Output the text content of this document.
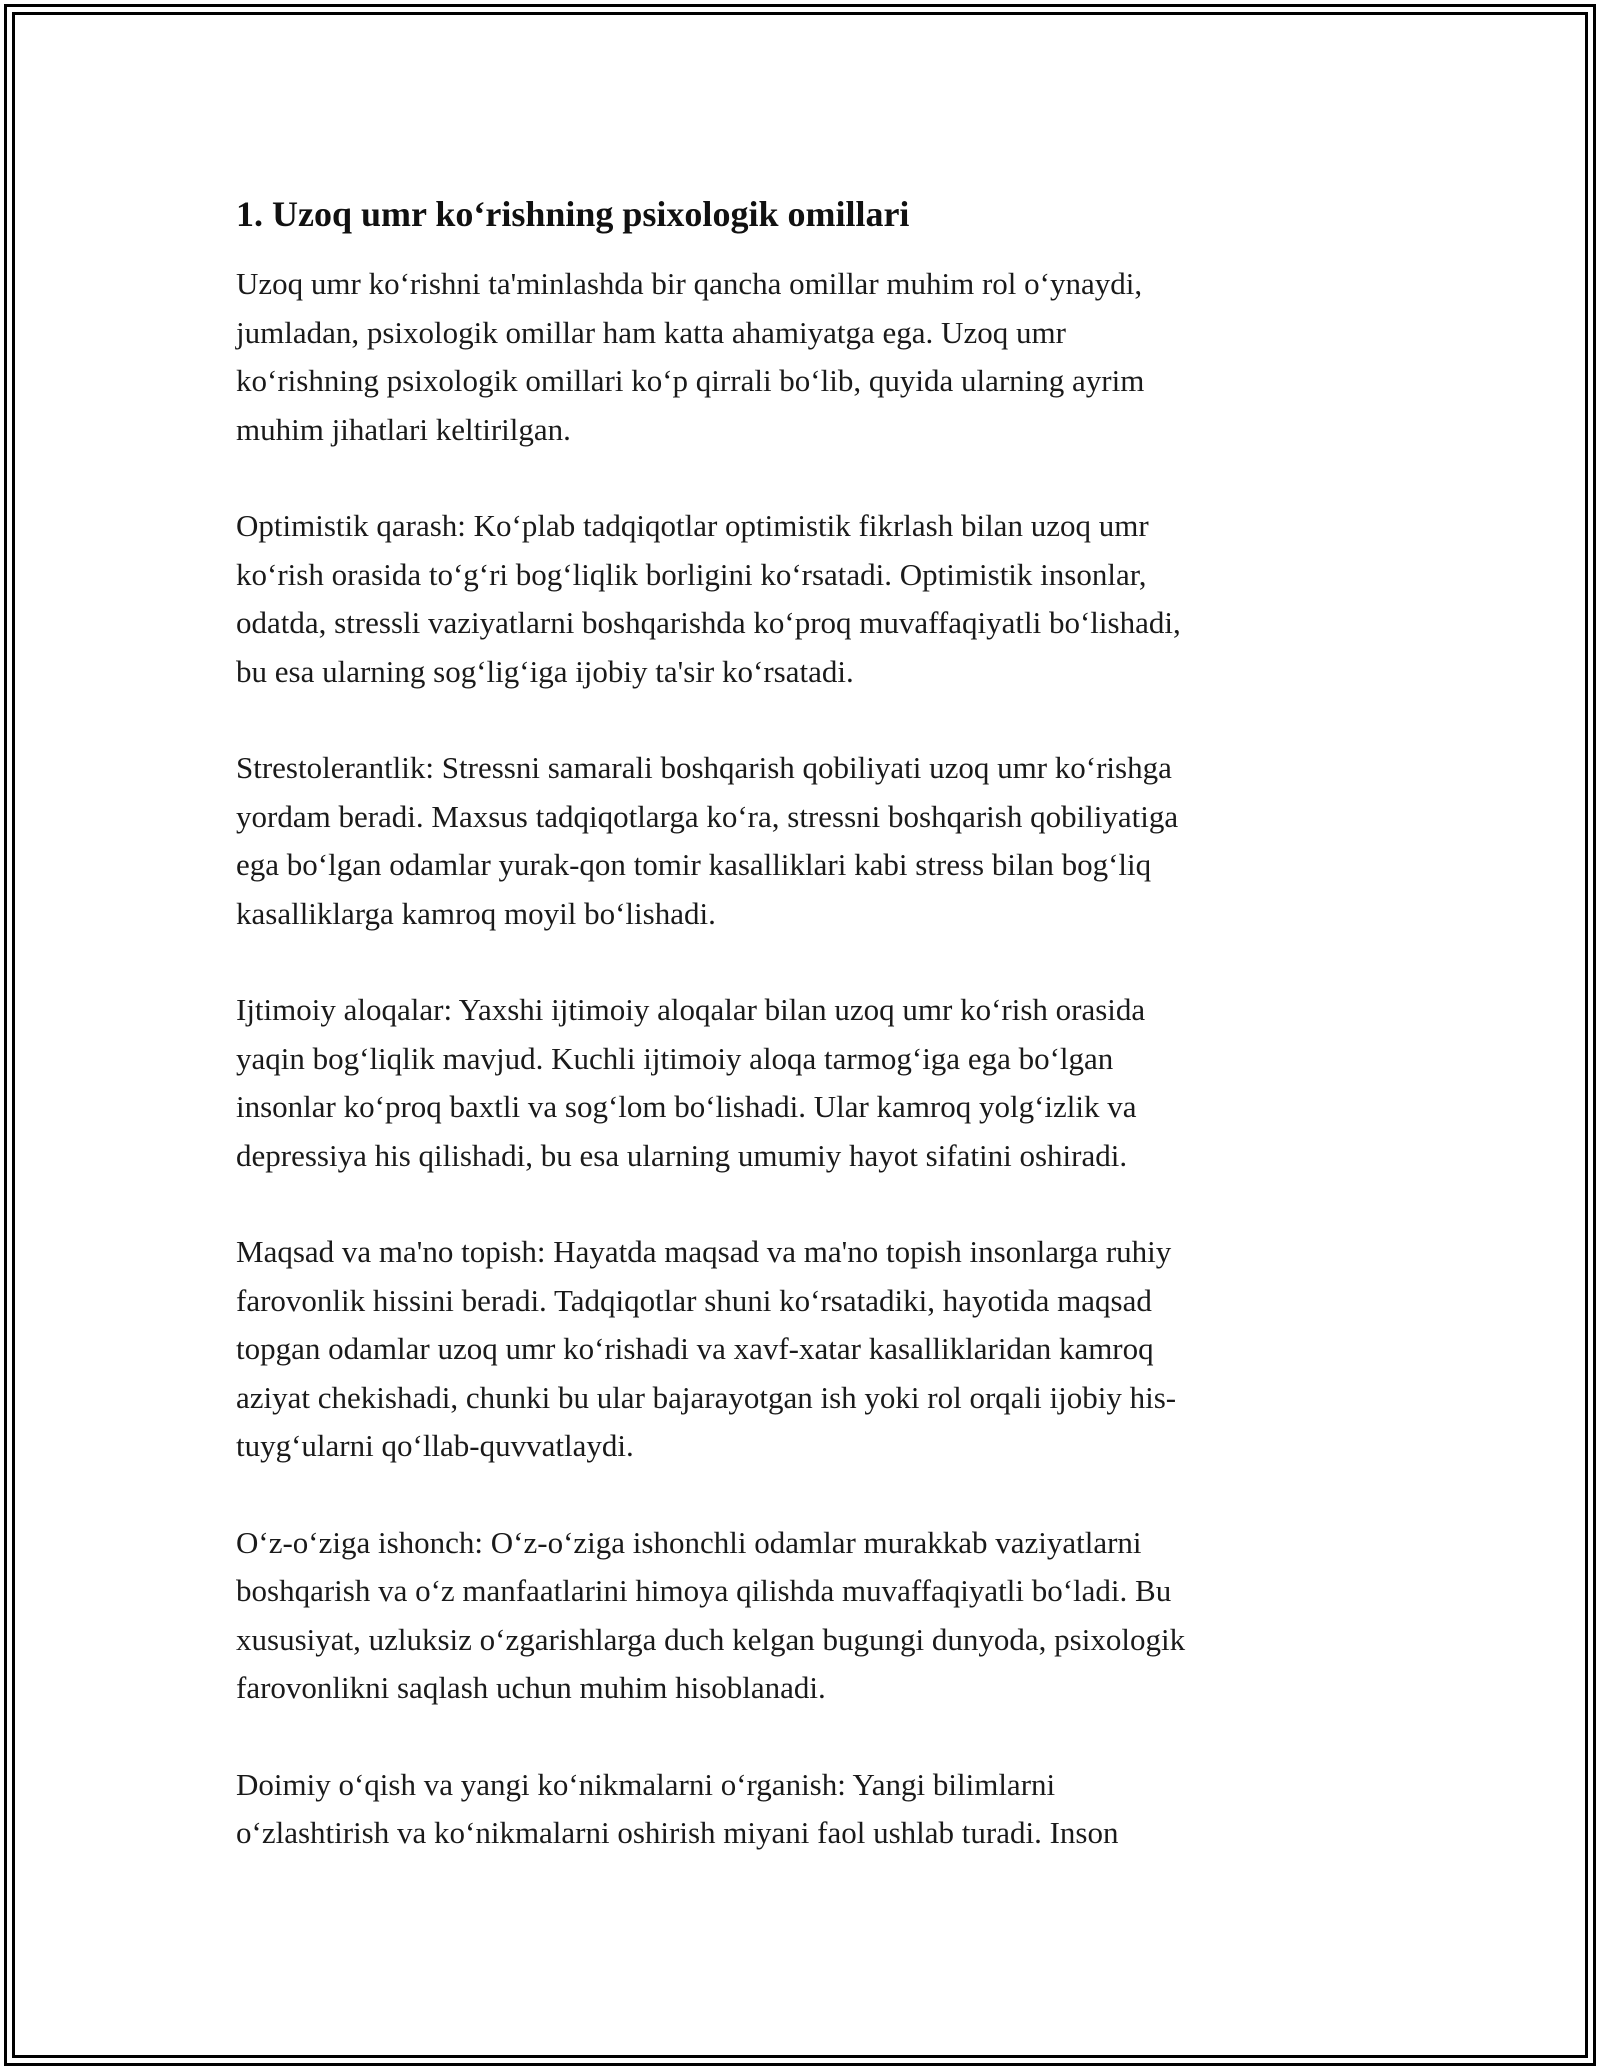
1. Uzoq umr koʻrishning psixologik omillari

Uzoq umr koʻrishni ta'minlashda bir qancha omillar muhim rol oʻynaydi,
jumladan, psixologik omillar ham katta ahamiyatga ega. Uzoq umr
koʻrishning psixologik omillari koʻp qirrali boʻlib, quyida ularning ayrim
muhim jihatlari keltirilgan.

Optimistik qarash: Koʻplab tadqiqotlar optimistik fikrlash bilan uzoq umr
koʻrish orasida toʻgʻri bogʻliqlik borligini koʻrsatadi. Optimistik insonlar,
odatda, stressli vaziyatlarni boshqarishda koʻproq muvaffaqiyatli boʻlishadi,
bu esa ularning sogʻligʻiga ijobiy ta'sir koʻrsatadi.

Strestolerantlik: Stressni samarali boshqarish qobiliyati uzoq umr koʻrishga
yordam beradi. Maxsus tadqiqotlarga koʻra, stressni boshqarish qobiliyatiga
ega boʻlgan odamlar yurak-qon tomir kasalliklari kabi stress bilan bogʻliq
kasalliklarga kamroq moyil boʻlishadi.

Ijtimoiy aloqalar: Yaxshi ijtimoiy aloqalar bilan uzoq umr koʻrish orasida
yaqin bogʻliqlik mavjud. Kuchli ijtimoiy aloqa tarmogʻiga ega boʻlgan
insonlar koʻproq baxtli va sogʻlom boʻlishadi. Ular kamroq yolgʻizlik va
depressiya his qilishadi, bu esa ularning umumiy hayot sifatini oshiradi.

Maqsad va ma'no topish: Hayatda maqsad va ma'no topish insonlarga ruhiy
farovonlik hissini beradi. Tadqiqotlar shuni koʻrsatadiki, hayotida maqsad
topgan odamlar uzoq umr koʻrishadi va xavf-xatar kasalliklaridan kamroq
aziyat chekishadi, chunki bu ular bajarayotgan ish yoki rol orqali ijobiy his-
tuygʻularni qoʻllab-quvvatlaydi.

Oʻz-oʻziga ishonch: Oʻz-oʻziga ishonchli odamlar murakkab vaziyatlarni
boshqarish va oʻz manfaatlarini himoya qilishda muvaffaqiyatli boʻladi. Bu
xususiyat, uzluksiz oʻzgarishlarga duch kelgan bugungi dunyoda, psixologik
farovonlikni saqlash uchun muhim hisoblanadi.

Doimiy oʻqish va yangi koʻnikmalarni oʻrganish: Yangi bilimlarni
oʻzlashtirish va koʻnikmalarni oshirish miyani faol ushlab turadi. Inson
